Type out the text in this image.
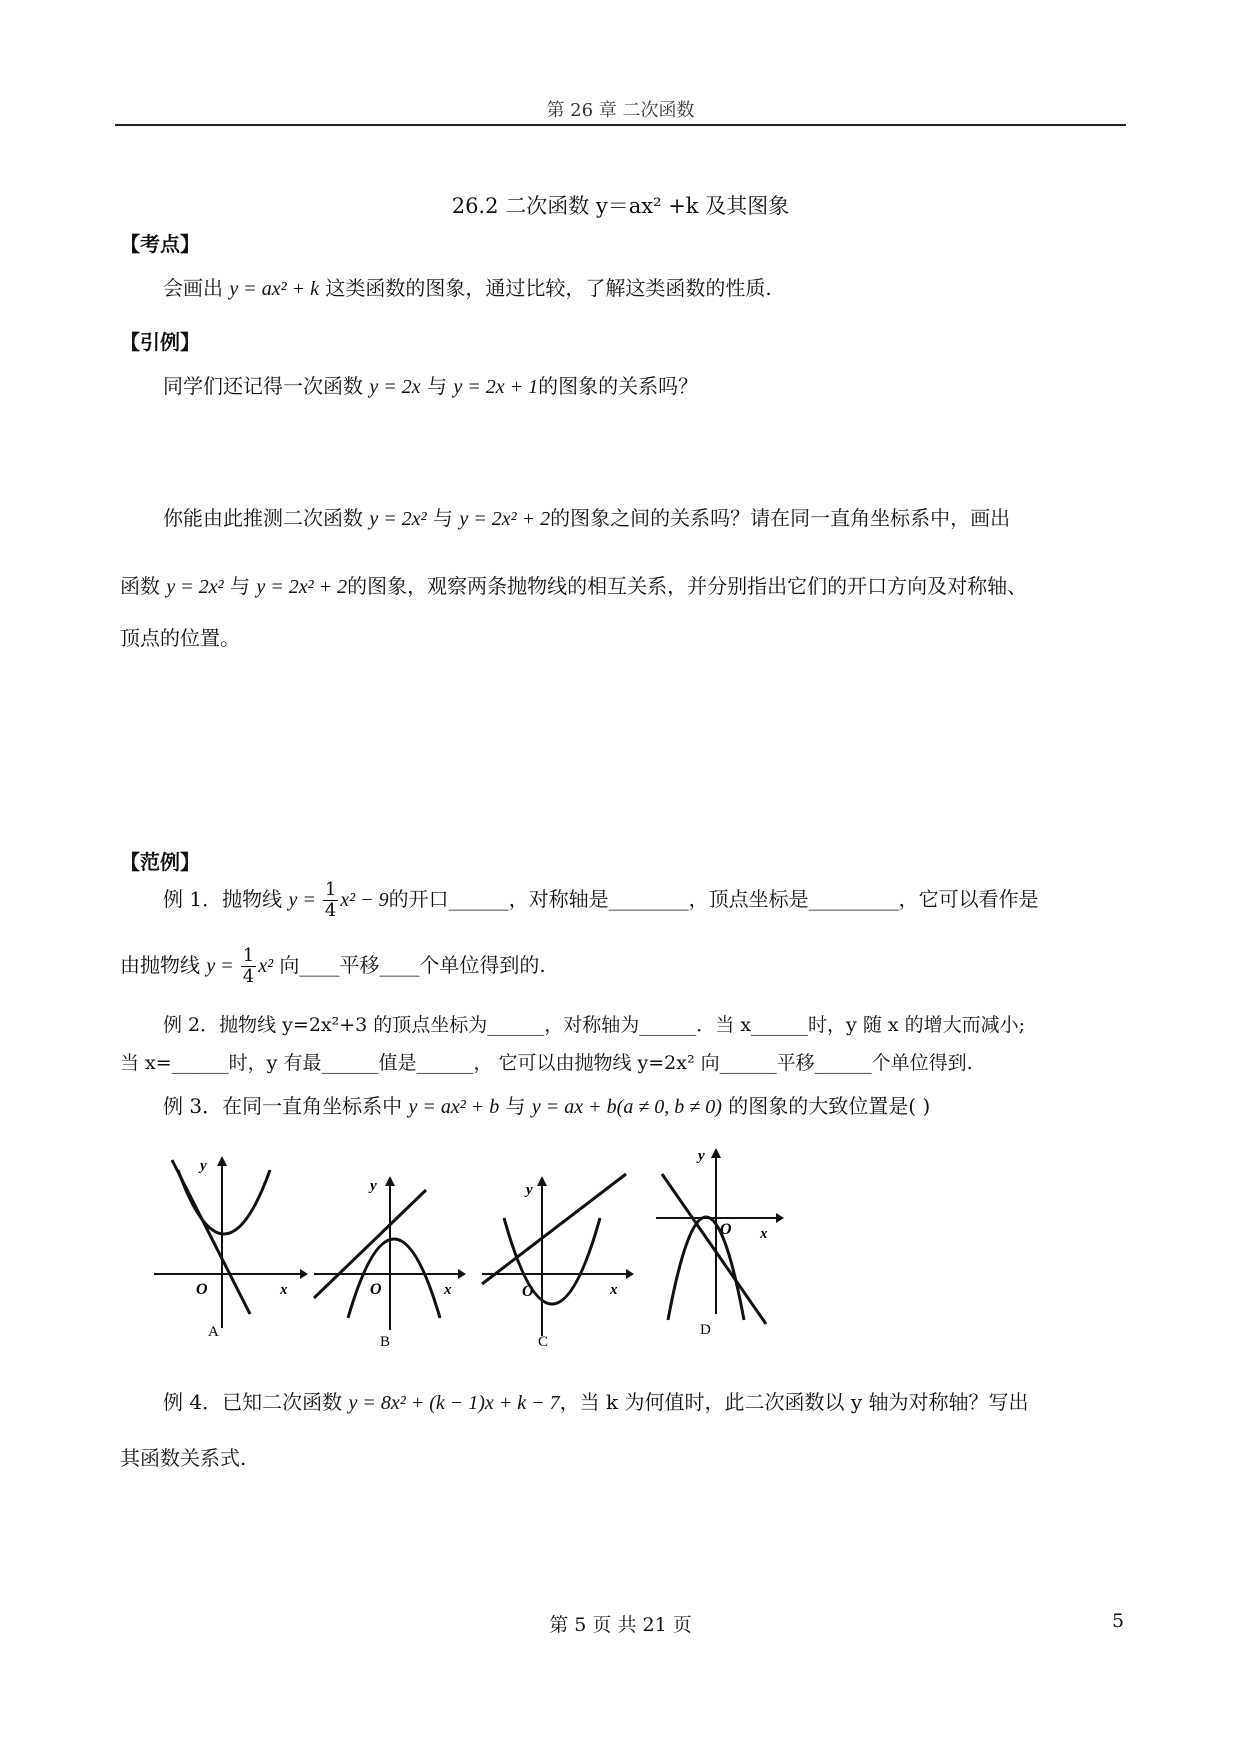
第 26 章 二次函数
26.2 二次函数 y＝ax² +k 及其图象
【考点】
会画出 y = ax² + k 这类函数的图象，通过比较，了解这类函数的性质.
【引例】
同学们还记得一次函数 y = 2x 与 y = 2x + 1的图象的关系吗？
你能由此推测二次函数 y = 2x² 与 y = 2x² + 2的图象之间的关系吗？请在同一直角坐标系中，画出
函数 y = 2x² 与 y = 2x² + 2的图象，观察两条抛物线的相互关系，并分别指出它们的开口方向及对称轴、
顶点的位置。
【范例】
例 1．抛物线 $y = \frac{1}{4} x^2 - 9$的开口______，对称轴是________，顶点坐标是_________，它可以看作是
由抛物线 $y = \frac{1}{4} x^2$ 向____平移____个单位得到的.
例 2．抛物线 y=2x²+3 的顶点坐标为______，对称轴为______．当 x______时，y 随 x 的增大而减小;
当 x=______时，y 有最______值是______， 它可以由抛物线 y=2x² 向______平移______个单位得到.
例 3．在同一直角坐标系中 y = ax² + b 与 y = ax + b(a ≠ 0, b ≠ 0) 的图象的大致位置是( )
y
x
O
A
y
x
O
B
y
x
O
C
y
x
O
D
例 4．已知二次函数 y = 8x² + (k − 1)x + k − 7，当 k 为何值时，此二次函数以 y 轴为对称轴？写出
其函数关系式.
第 5 页 共 21 页	5
